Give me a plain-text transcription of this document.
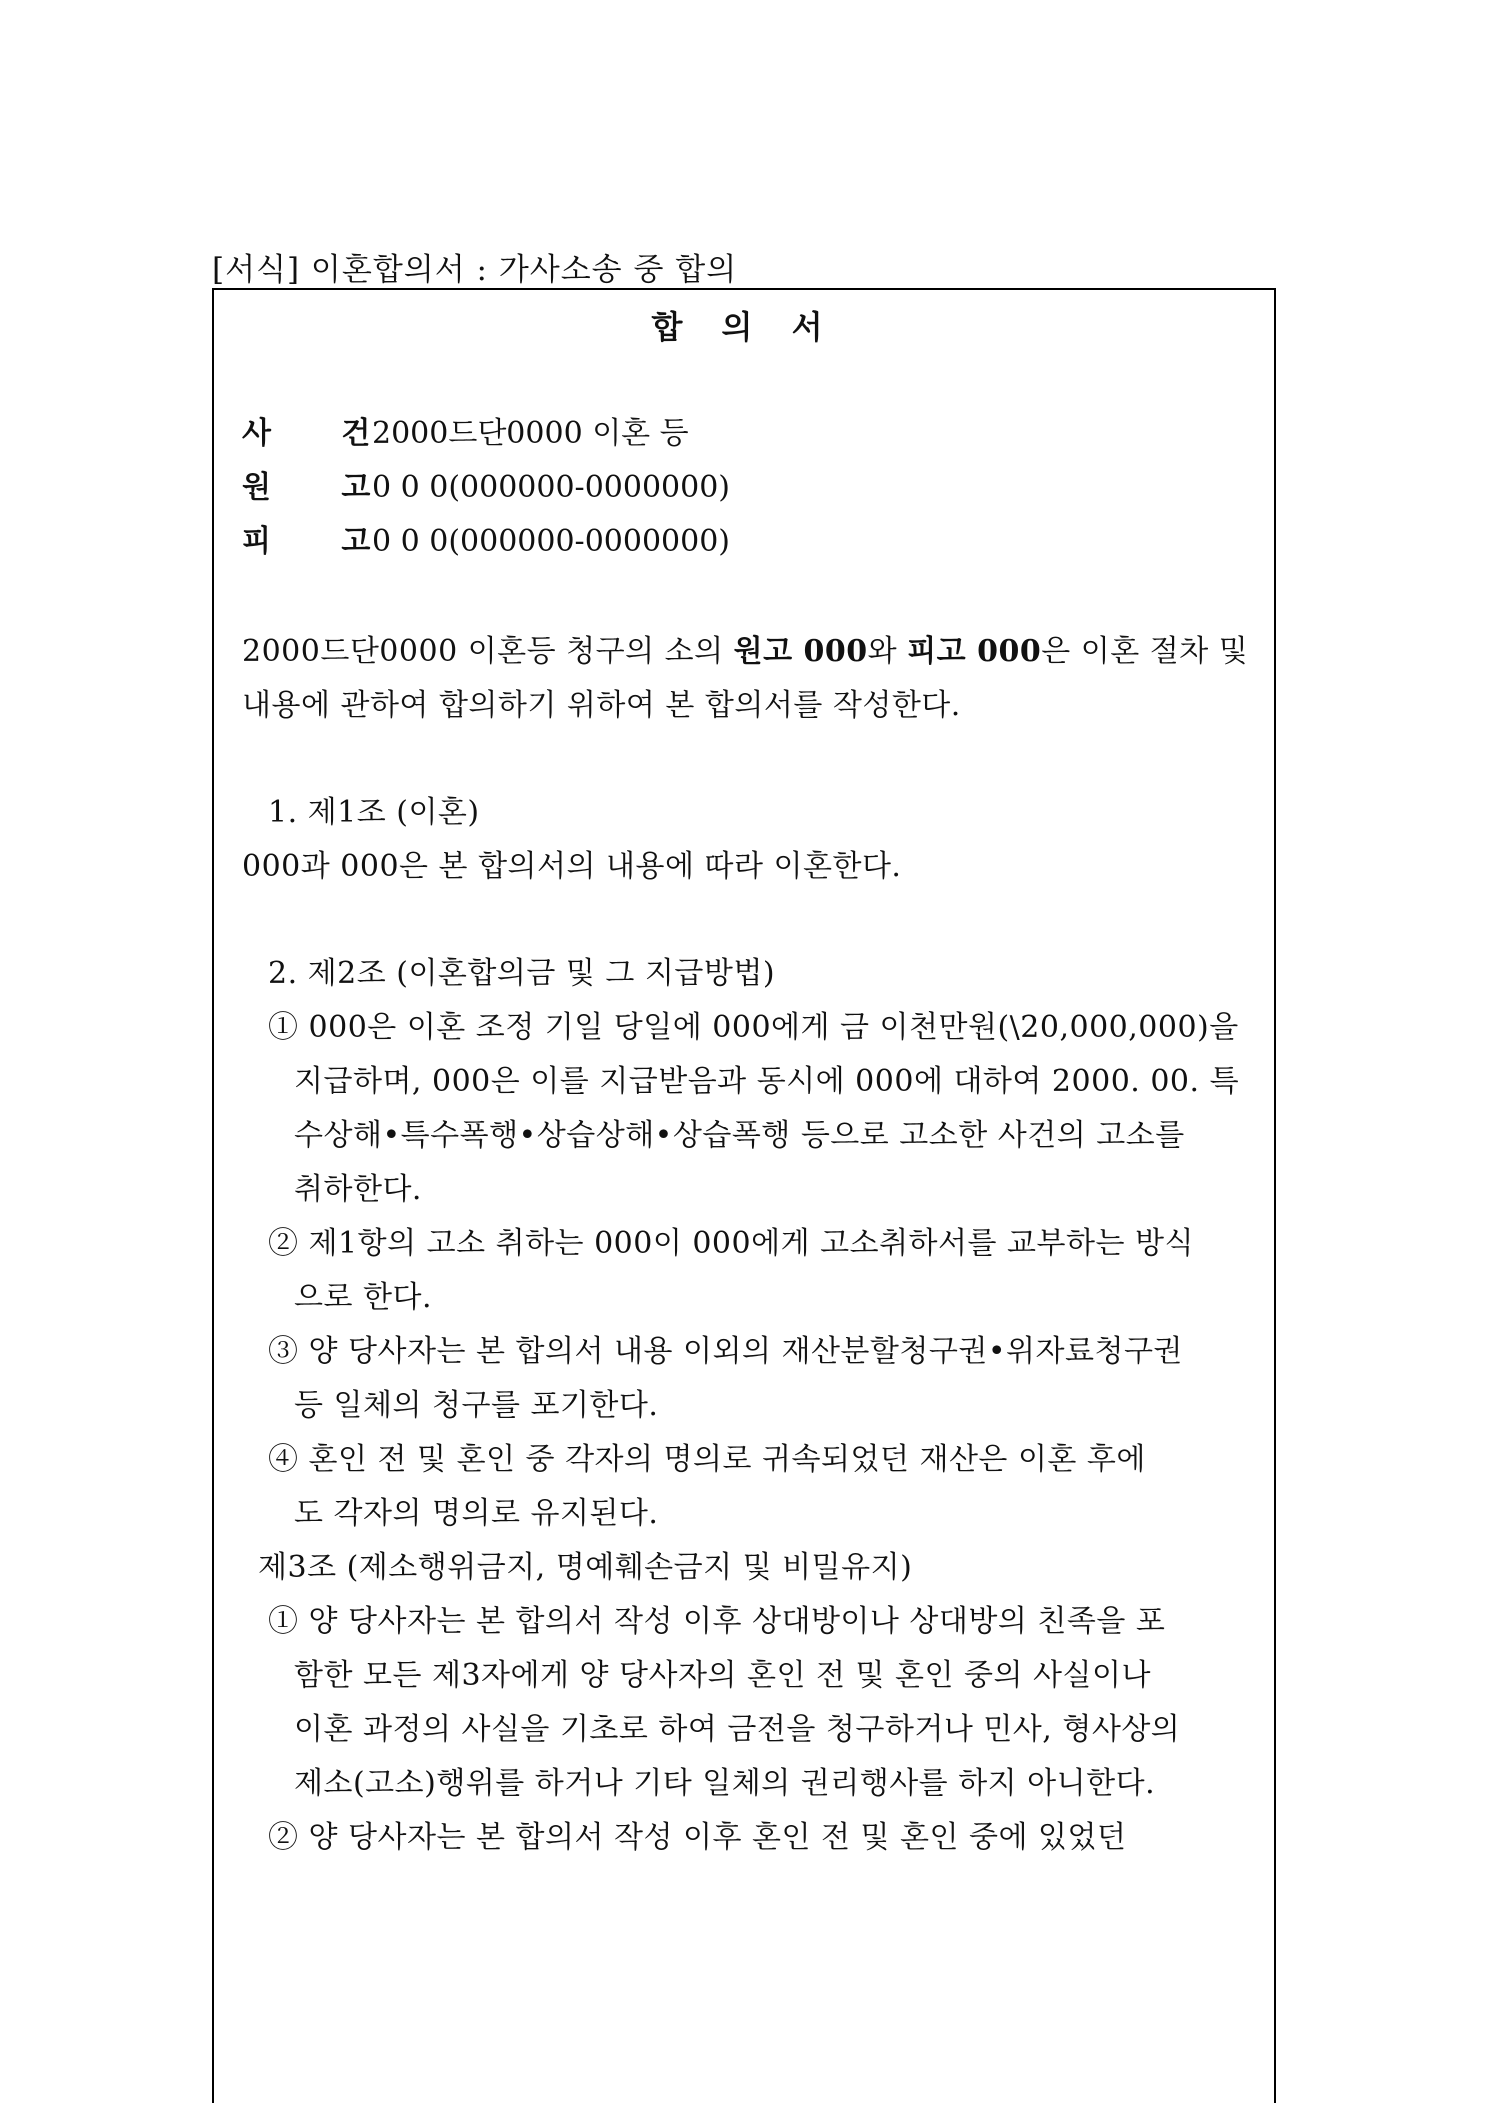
[서식] 이혼합의서 : 가사소송 중 합의
합 의 서
사 건2000드단0000 이혼 등
원 고0 0 0(000000-0000000)
피 고0 0 0(000000-0000000)
2000드단0000 이혼등 청구의 소의 원고 000와 피고 000은 이혼 절차 및
내용에 관하여 합의하기 위하여 본 합의서를 작성한다.
1. 제1조 (이혼)
000과 000은 본 합의서의 내용에 따라 이혼한다.
2. 제2조 (이혼합의금 및 그 지급방법)
① 000은 이혼 조정 기일 당일에 000에게 금 이천만원(\20,000,000)을
지급하며, 000은 이를 지급받음과 동시에 000에 대하여 2000. 00. 특
수상해•특수폭행•상습상해•상습폭행 등으로 고소한 사건의 고소를
취하한다.
② 제1항의 고소 취하는 000이 000에게 고소취하서를 교부하는 방식
으로 한다.
③ 양 당사자는 본 합의서 내용 이외의 재산분할청구권•위자료청구권
등 일체의 청구를 포기한다.
④ 혼인 전 및 혼인 중 각자의 명의로 귀속되었던 재산은 이혼 후에
도 각자의 명의로 유지된다.
제3조 (제소행위금지, 명예훼손금지 및 비밀유지)
① 양 당사자는 본 합의서 작성 이후 상대방이나 상대방의 친족을 포
함한 모든 제3자에게 양 당사자의 혼인 전 및 혼인 중의 사실이나
이혼 과정의 사실을 기초로 하여 금전을 청구하거나 민사, 형사상의
제소(고소)행위를 하거나 기타 일체의 권리행사를 하지 아니한다.
② 양 당사자는 본 합의서 작성 이후 혼인 전 및 혼인 중에 있었던
